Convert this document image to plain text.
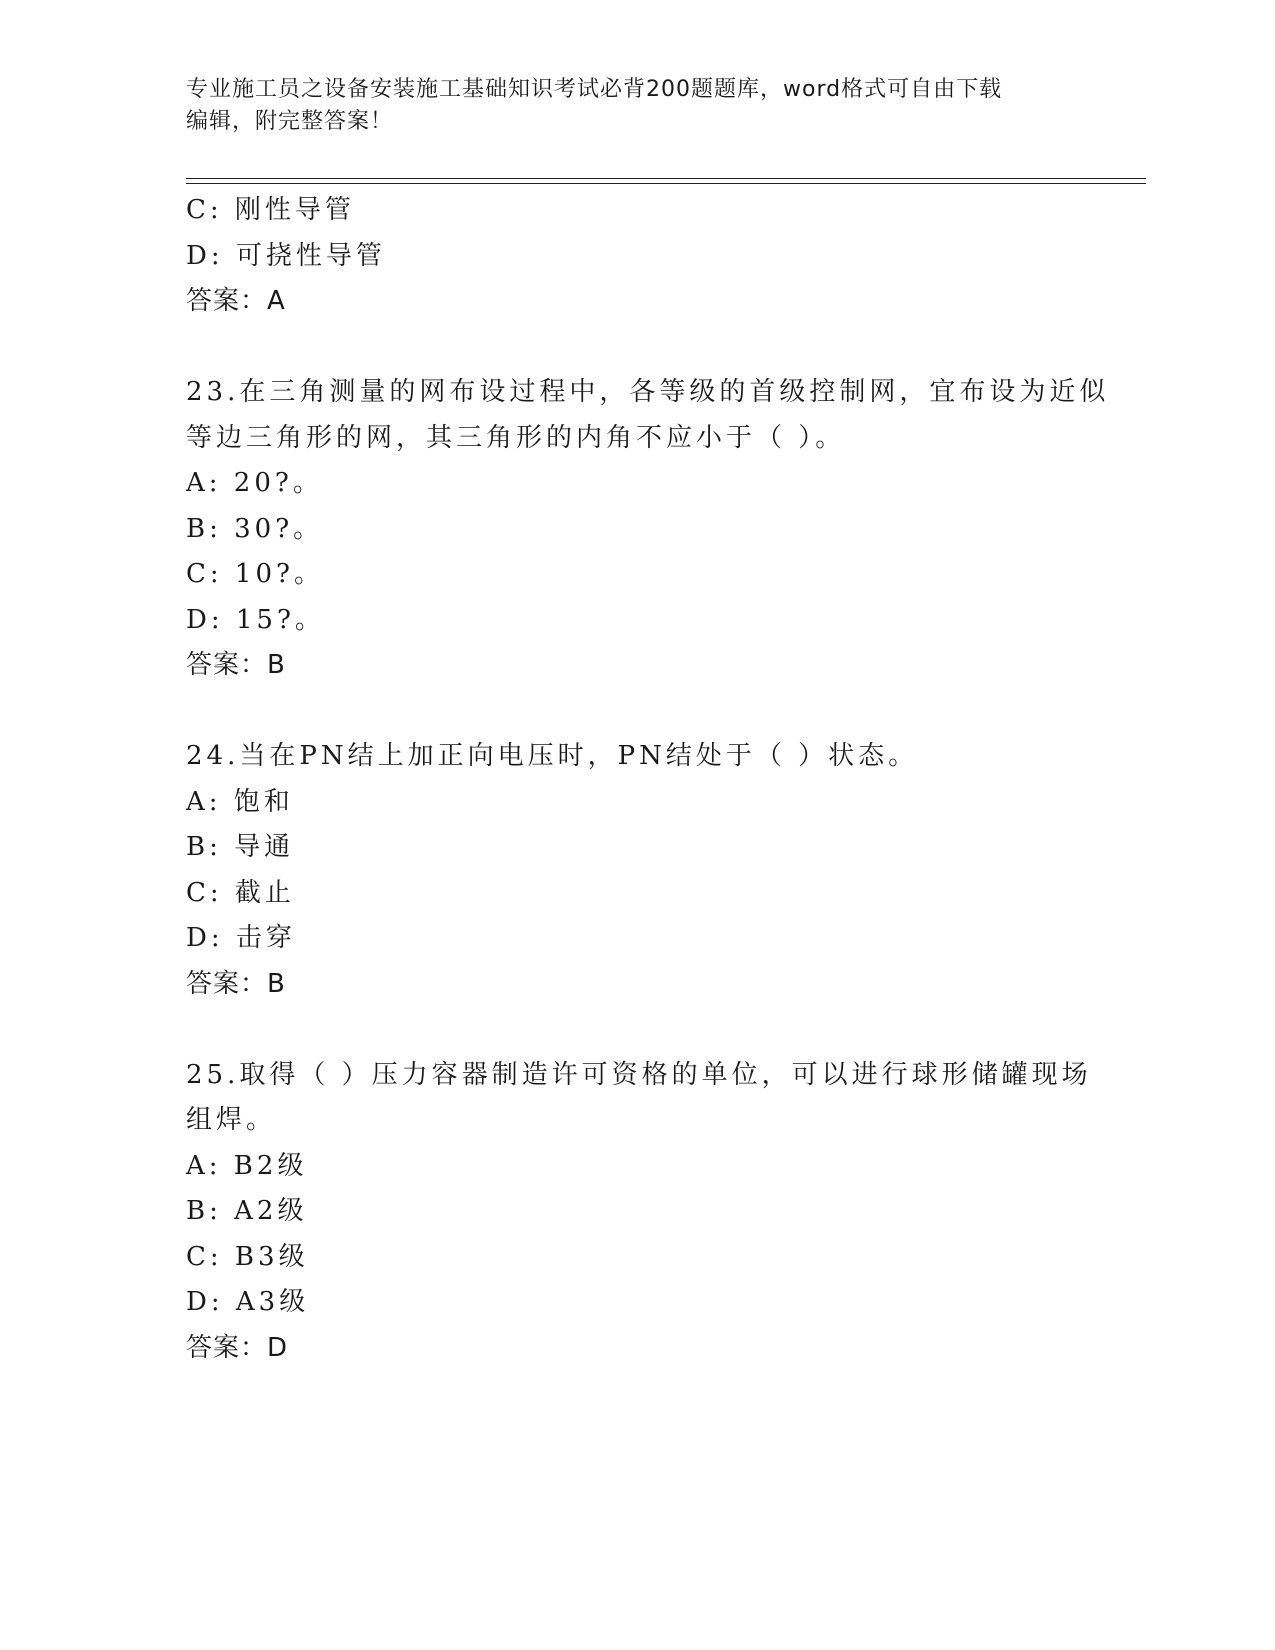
专业施工员之设备安装施工基础知识考试必背200题题库，word格式可自由下载
编辑，附完整答案！
C: 刚性导管
D: 可挠性导管
答案：A
23.在三角测量的网布设过程中，各等级的首级控制网，宜布设为近似
等边三角形的网，其三角形的内角不应小于（ ）。
A: 20?。
B: 30?。
C: 10?。
D: 15?。
答案：B
24.当在PN结上加正向电压时，PN结处于（ ）状态。
A: 饱和
B: 导通
C: 截止
D: 击穿
答案：B
25.取得（ ）压力容器制造许可资格的单位，可以进行球形储罐现场
组焊。
A: B2级
B: A2级
C: B3级
D: A3级
答案：D
